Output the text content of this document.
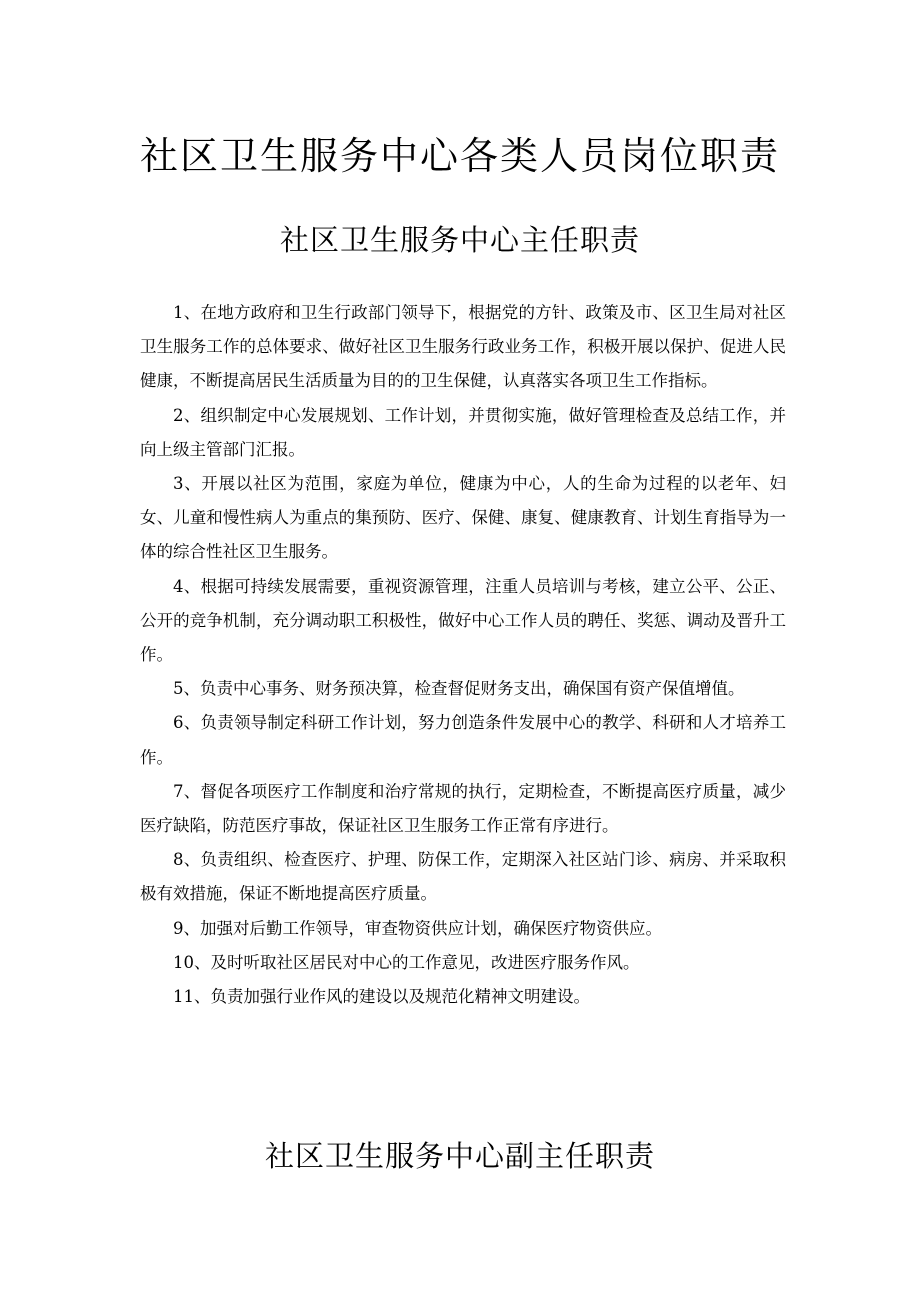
社区卫生服务中心各类人员岗位职责
社区卫生服务中心主任职责
1、在地方政府和卫生行政部门领导下，根据党的方针、政策及市、区卫生局对社区卫生服务工作的总体要求、做好社区卫生服务行政业务工作，积极开展以保护、促进人民健康，不断提高居民生活质量为目的的卫生保健，认真落实各项卫生工作指标。
2、组织制定中心发展规划、工作计划，并贯彻实施，做好管理检查及总结工作，并向上级主管部门汇报。
3、开展以社区为范围，家庭为单位，健康为中心，人的生命为过程的以老年、妇女、儿童和慢性病人为重点的集预防、医疗、保健、康复、健康教育、计划生育指导为一体的综合性社区卫生服务。
4、根据可持续发展需要，重视资源管理，注重人员培训与考核，建立公平、公正、公开的竞争机制，充分调动职工积极性，做好中心工作人员的聘任、奖惩、调动及晋升工作。
5、负责中心事务、财务预决算，检查督促财务支出，确保国有资产保值增值。
6、负责领导制定科研工作计划，努力创造条件发展中心的教学、科研和人才培养工作。
7、督促各项医疗工作制度和治疗常规的执行，定期检查，不断提高医疗质量，减少医疗缺陷，防范医疗事故，保证社区卫生服务工作正常有序进行。
8、负责组织、检查医疗、护理、防保工作，定期深入社区站门诊、病房、并采取积极有效措施，保证不断地提高医疗质量。
9、加强对后勤工作领导，审查物资供应计划，确保医疗物资供应。
10、及时听取社区居民对中心的工作意见，改进医疗服务作风。
11、负责加强行业作风的建设以及规范化精神文明建设。
社区卫生服务中心副主任职责
